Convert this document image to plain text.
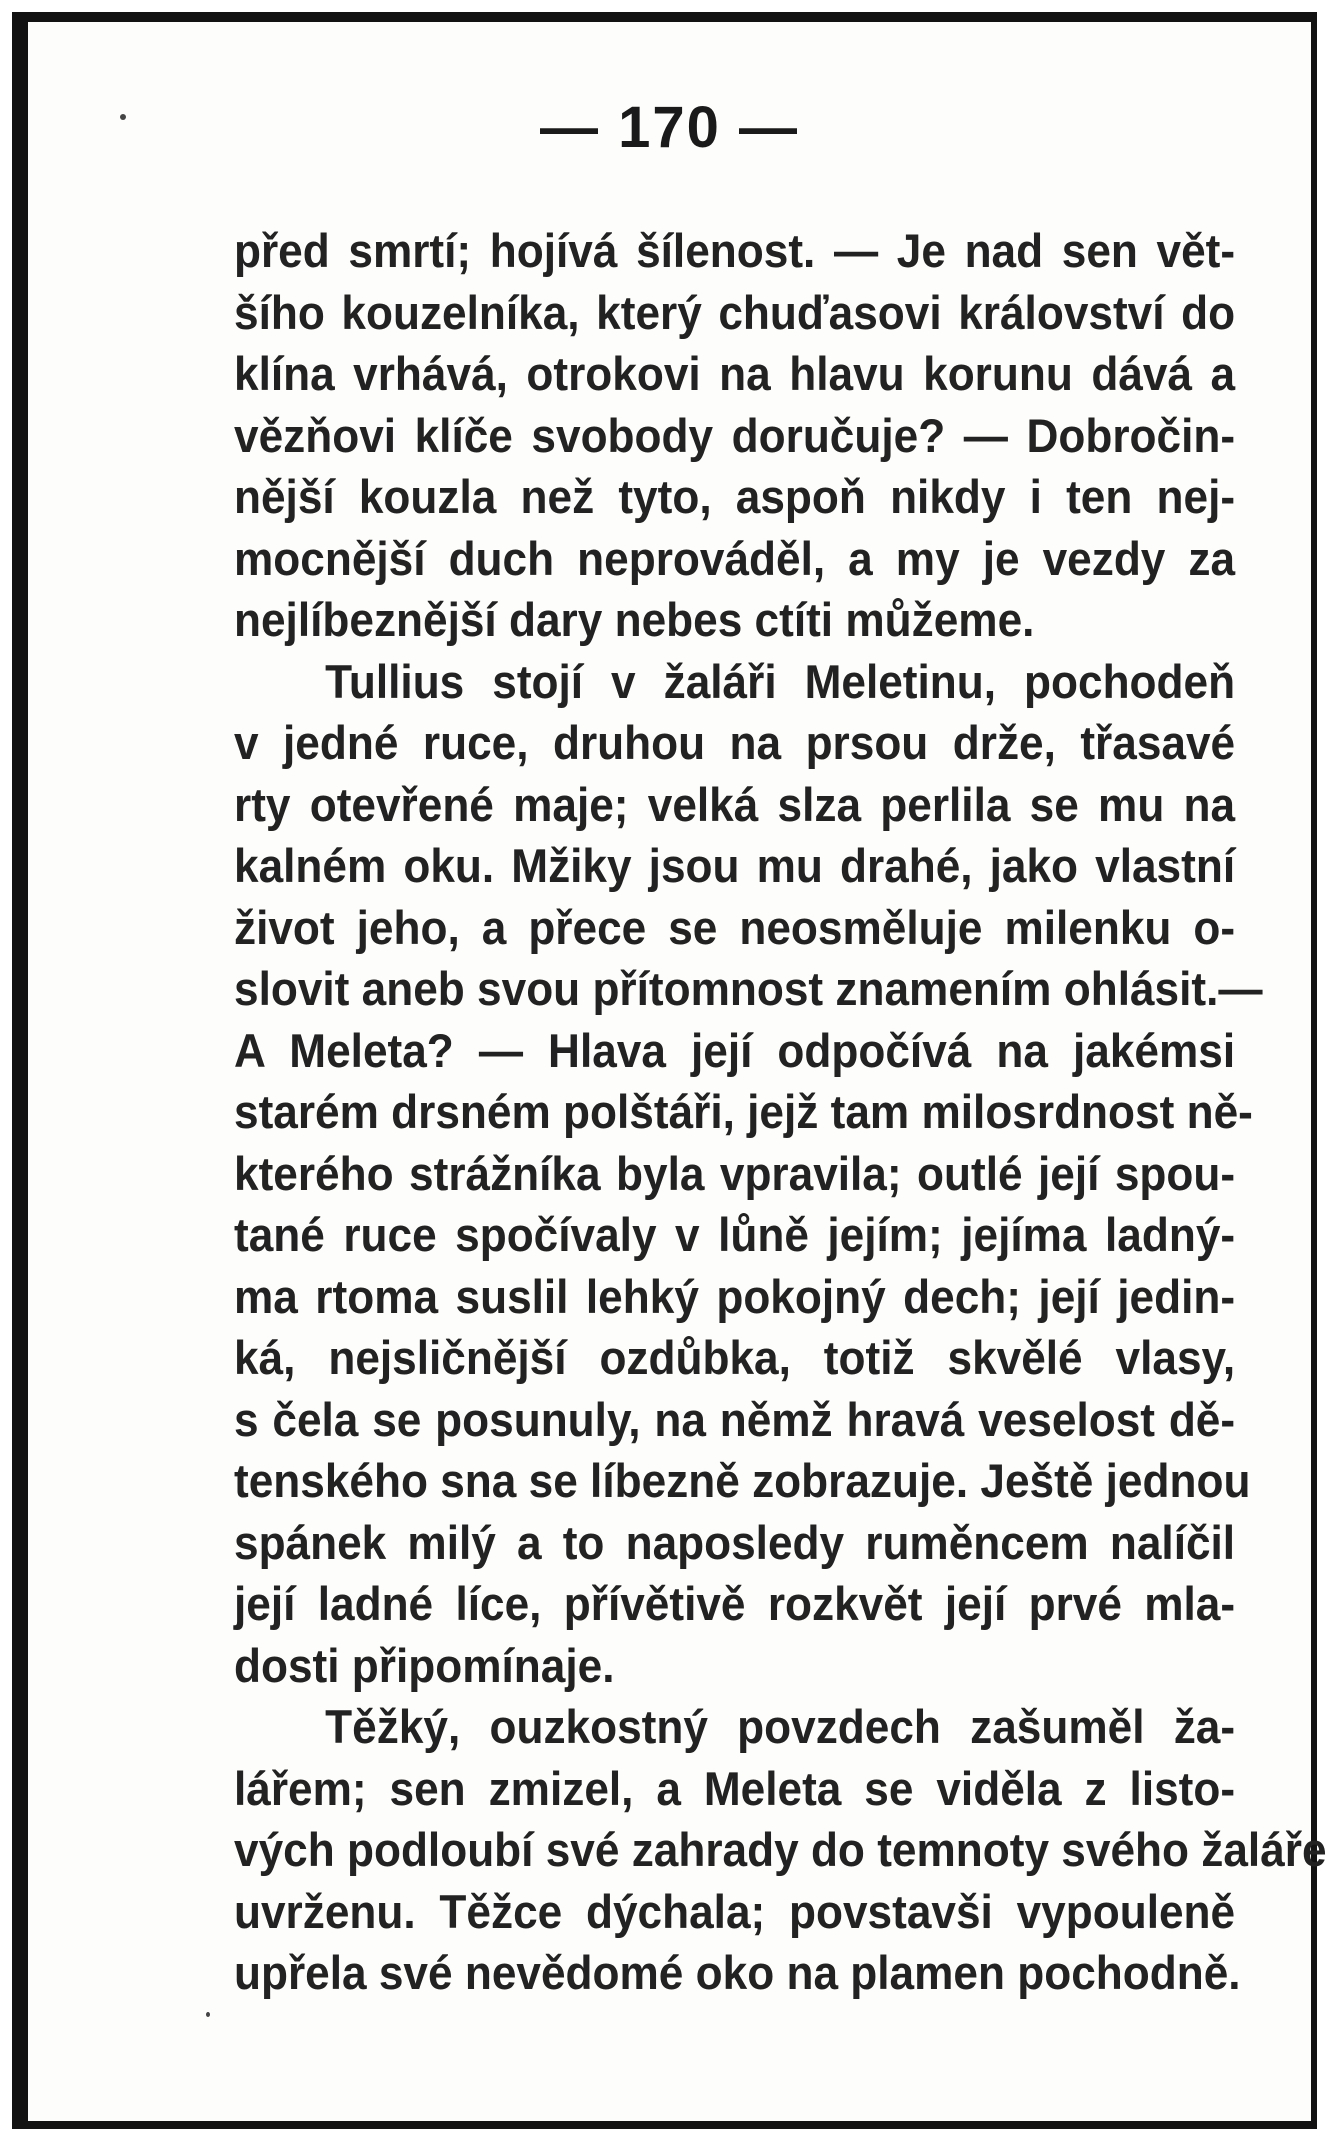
— 170 —
před smrtí; hojívá šílenost. — Je nad sen vět-
šího kouzelníka, který chuďasovi království do
klína vrhává, otrokovi na hlavu korunu dává a
vězňovi klíče svobody doručuje? — Dobročin-
nější kouzla než tyto, aspoň nikdy i ten nej-
mocnější duch neprováděl, a my je vezdy za
nejlíbeznější dary nebes ctíti můžeme.
Tullius stojí v žaláři Meletinu, pochodeň
v jedné ruce, druhou na prsou drže, třasavé
rty otevřené maje; velká slza perlila se mu na
kalném oku. Mžiky jsou mu drahé, jako vlastní
život jeho, a přece se neosměluje milenku o-
slovit aneb svou přítomnost znamením ohlásit.—
A Meleta? — Hlava její odpočívá na jakémsi
starém drsném polštáři, jejž tam milosrdnost ně-
kterého strážníka byla vpravila; outlé její spou-
tané ruce spočívaly v lůně jejím; jejíma ladný-
ma rtoma suslil lehký pokojný dech; její jedin-
ká, nejsličnější ozdůbka, totiž skvělé vlasy,
s čela se posunuly, na němž hravá veselost dě-
tenského sna se líbezně zobrazuje. Ještě jednou
spánek milý a to naposledy ruměncem nalíčil
její ladné líce, přívětivě rozkvět její prvé mla-
dosti připomínaje.
Těžký, ouzkostný povzdech zašuměl ža-
lářem; sen zmizel, a Meleta se viděla z listo-
vých podloubí své zahrady do temnoty svého žaláře
uvrženu. Těžce dýchala; povstavši vypouleně
upřela své nevědomé oko na plamen pochodně.
